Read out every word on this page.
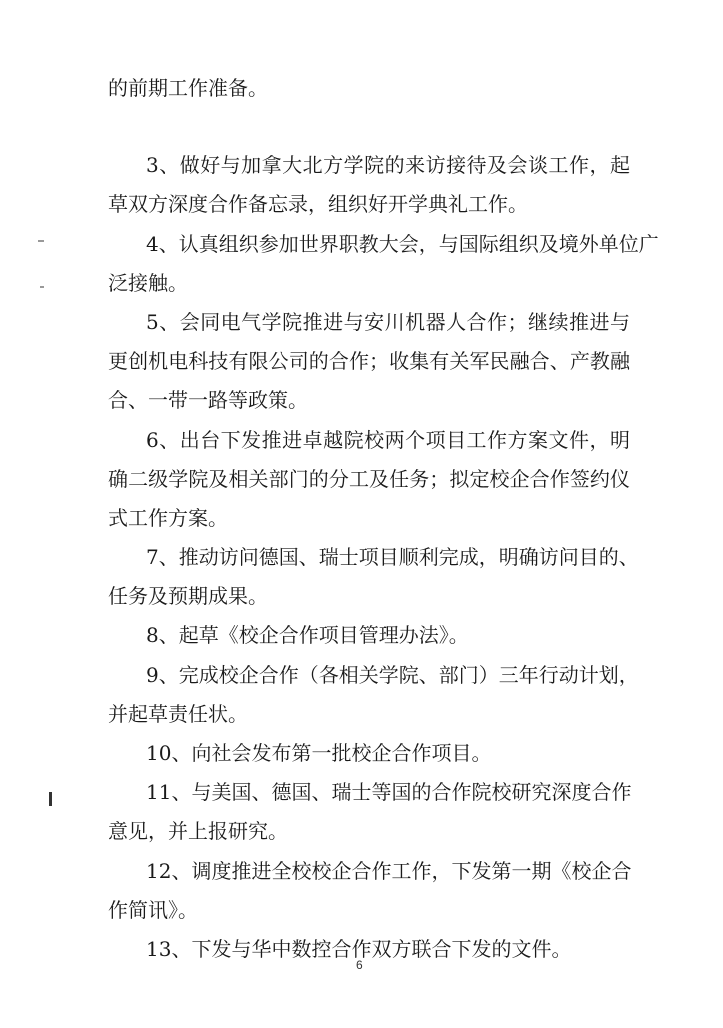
的前期工作准备。
3、做好与加拿大北方学院的来访接待及会谈工作，起
草双方深度合作备忘录，组织好开学典礼工作。
4、认真组织参加世界职教大会，与国际组织及境外单位广
泛接触。
5、会同电气学院推进与安川机器人合作；继续推进与
更创机电科技有限公司的合作；收集有关军民融合、产教融
合、一带一路等政策。
6、出台下发推进卓越院校两个项目工作方案文件，明
确二级学院及相关部门的分工及任务；拟定校企合作签约仪
式工作方案。
7、推动访问德国、瑞士项目顺利完成，明确访问目的、
任务及预期成果。
8、起草《校企合作项目管理办法》。
9、完成校企合作（各相关学院、部门）三年行动计划，
并起草责任状。
10、向社会发布第一批校企合作项目。
11、与美国、德国、瑞士等国的合作院校研究深度合作
意见，并上报研究。
12、调度推进全校校企合作工作，下发第一期《校企合
作简讯》。
13、下发与华中数控合作双方联合下发的文件。
6
